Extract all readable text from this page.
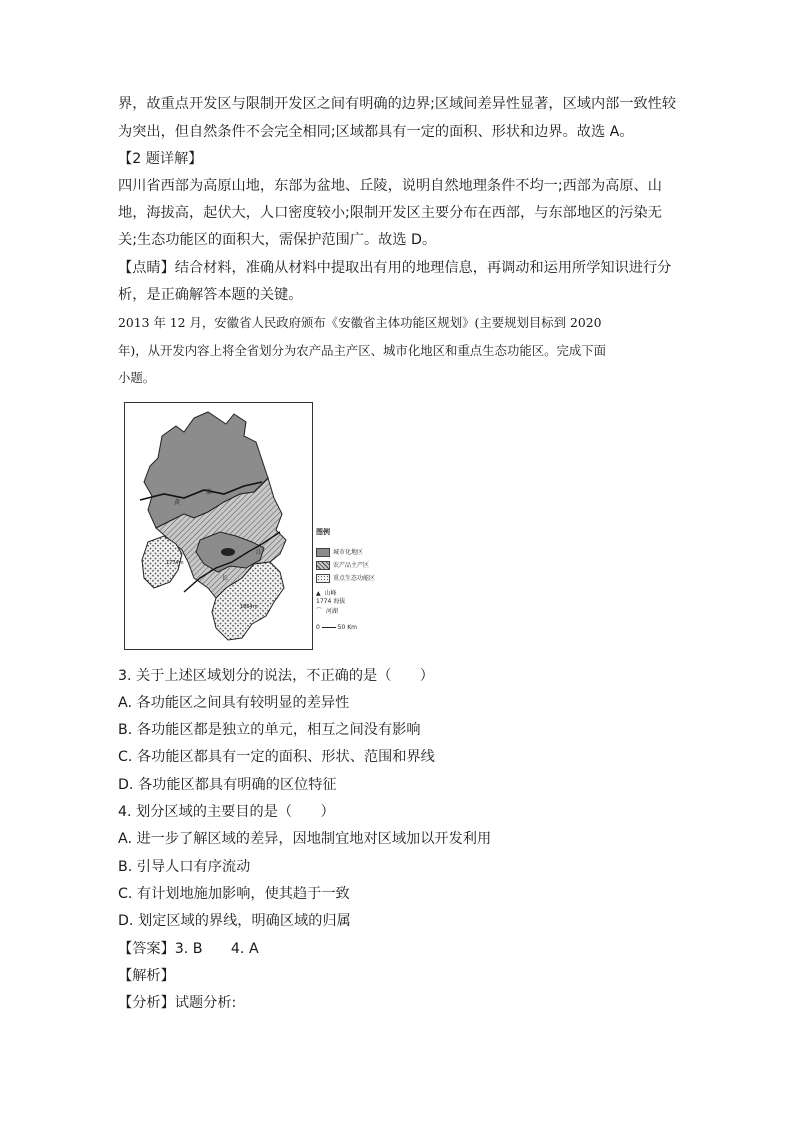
界，故重点开发区与限制开发区之间有明确的边界;区域间差异性显著，区域内部一致性较
为突出，但自然条件不会完全相同;区域都具有一定的面积、形状和边界。故选 A。
【2 题详解】
四川省西部为高原山地，东部为盆地、丘陵，说明自然地理条件不均一;西部为高原、山
地，海拔高，起伏大，人口密度较小;限制开发区主要分布在西部，与东部地区的污染无
关;生态功能区的面积大，需保护范围广。故选 D。
【点睛】结合材料，准确从材料中提取出有用的地理信息，再调动和运用所学知识进行分
析，是正确解答本题的关键。
2013 年 12 月，安徽省人民政府颁布《安徽省主体功能区规划》(主要规划目标到 2020
年)，从开发内容上将全省划分为农产品主产区、城市化地区和重点生态功能区。完成下面
小题。
黄
淮
江
长
1774m
1864m
图例
城市化地区
农产品主产区
重点生态功能区
▲ 山峰
1774 海拔
⌒ 河湖
0	50 Km
3. 关于上述区域划分的说法，不正确的是（　　）
A. 各功能区之间具有较明显的差异性
B. 各功能区都是独立的单元，相互之间没有影响
C. 各功能区都具有一定的面积、形状、范围和界线
D. 各功能区都具有明确的区位特征
4. 划分区域的主要目的是（　　）
A. 进一步了解区域的差异，因地制宜地对区域加以开发利用
B. 引导人口有序流动
C. 有计划地施加影响，使其趋于一致
D. 划定区域的界线，明确区域的归属
【答案】3. B　　4. A
【解析】
【分析】试题分析:
